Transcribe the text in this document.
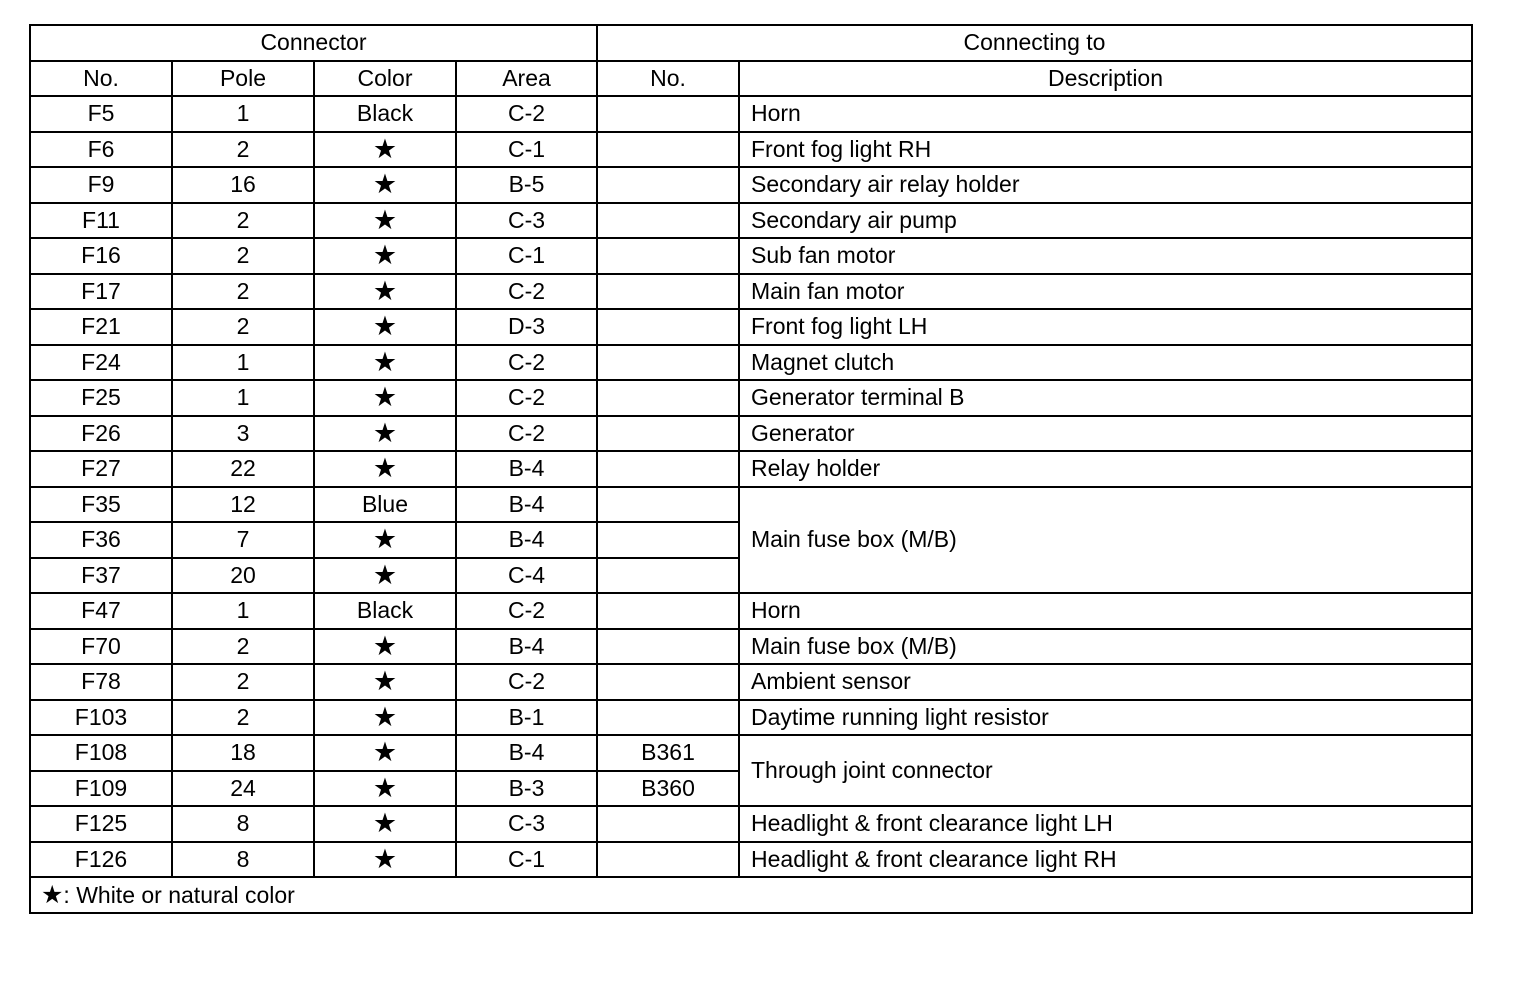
Connector				Connecting to	
No.	Pole	Color	Area	No.	Description
F5	1	Black	C-2		Horn
F6	2	★	C-1		Front fog light RH
F9	16	★	B-5		Secondary air relay holder
F11	2	★	C-3		Secondary air pump
F16	2	★	C-1		Sub fan motor
F17	2	★	C-2		Main fan motor
F21	2	★	D-3		Front fog light LH
F24	1	★	C-2		Magnet clutch
F25	1	★	C-2		Generator terminal B
F26	3	★	C-2		Generator
F27	22	★	B-4		Relay holder
F35	12	Blue	B-4		Main fuse box (M/B)
F36	7	★	B-4		
F37	20	★	C-4		
F47	1	Black	C-2		Horn
F70	2	★	B-4		Main fuse box (M/B)
F78	2	★	C-2		Ambient sensor
F103	2	★	B-1		Daytime running light resistor
F108	18	★	B-4	B361	Through joint connector
F109	24	★	B-3	B360	
F125	8	★	C-3		Headlight & front clearance light LH
F126	8	★	C-1		Headlight & front clearance light RH
★: White or natural color					
